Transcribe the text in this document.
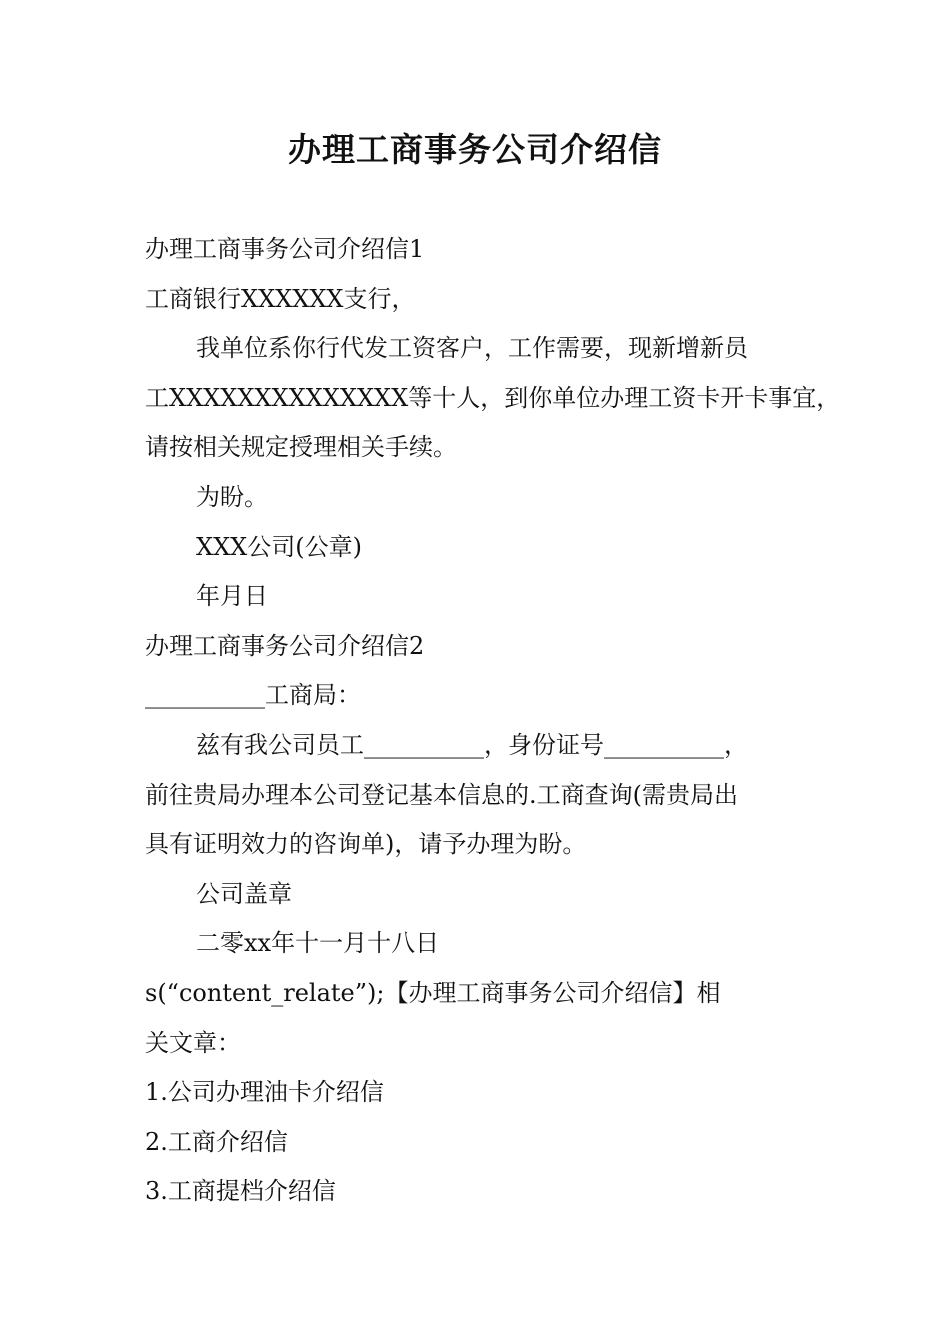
办理工商事务公司介绍信
办理工商事务公司介绍信1
工商银行XXXXXX支行，
我单位系你行代发工资客户，工作需要，现新增新员
工XXXXXXXXXXXXXX等十人，到你单位办理工资卡开卡事宜，
请按相关规定授理相关手续。
为盼。
XXX公司(公章)
年月日
办理工商事务公司介绍信2
__________工商局：
兹有我公司员工__________，身份证号__________，
前往贵局办理本公司登记基本信息的.工商查询(需贵局出
具有证明效力的咨询单)，请予办理为盼。
公司盖章
二零xx年十一月十八日
s(“content_relate”);【办理工商事务公司介绍信】相
关文章：
1.公司办理油卡介绍信
2.工商介绍信
3.工商提档介绍信
